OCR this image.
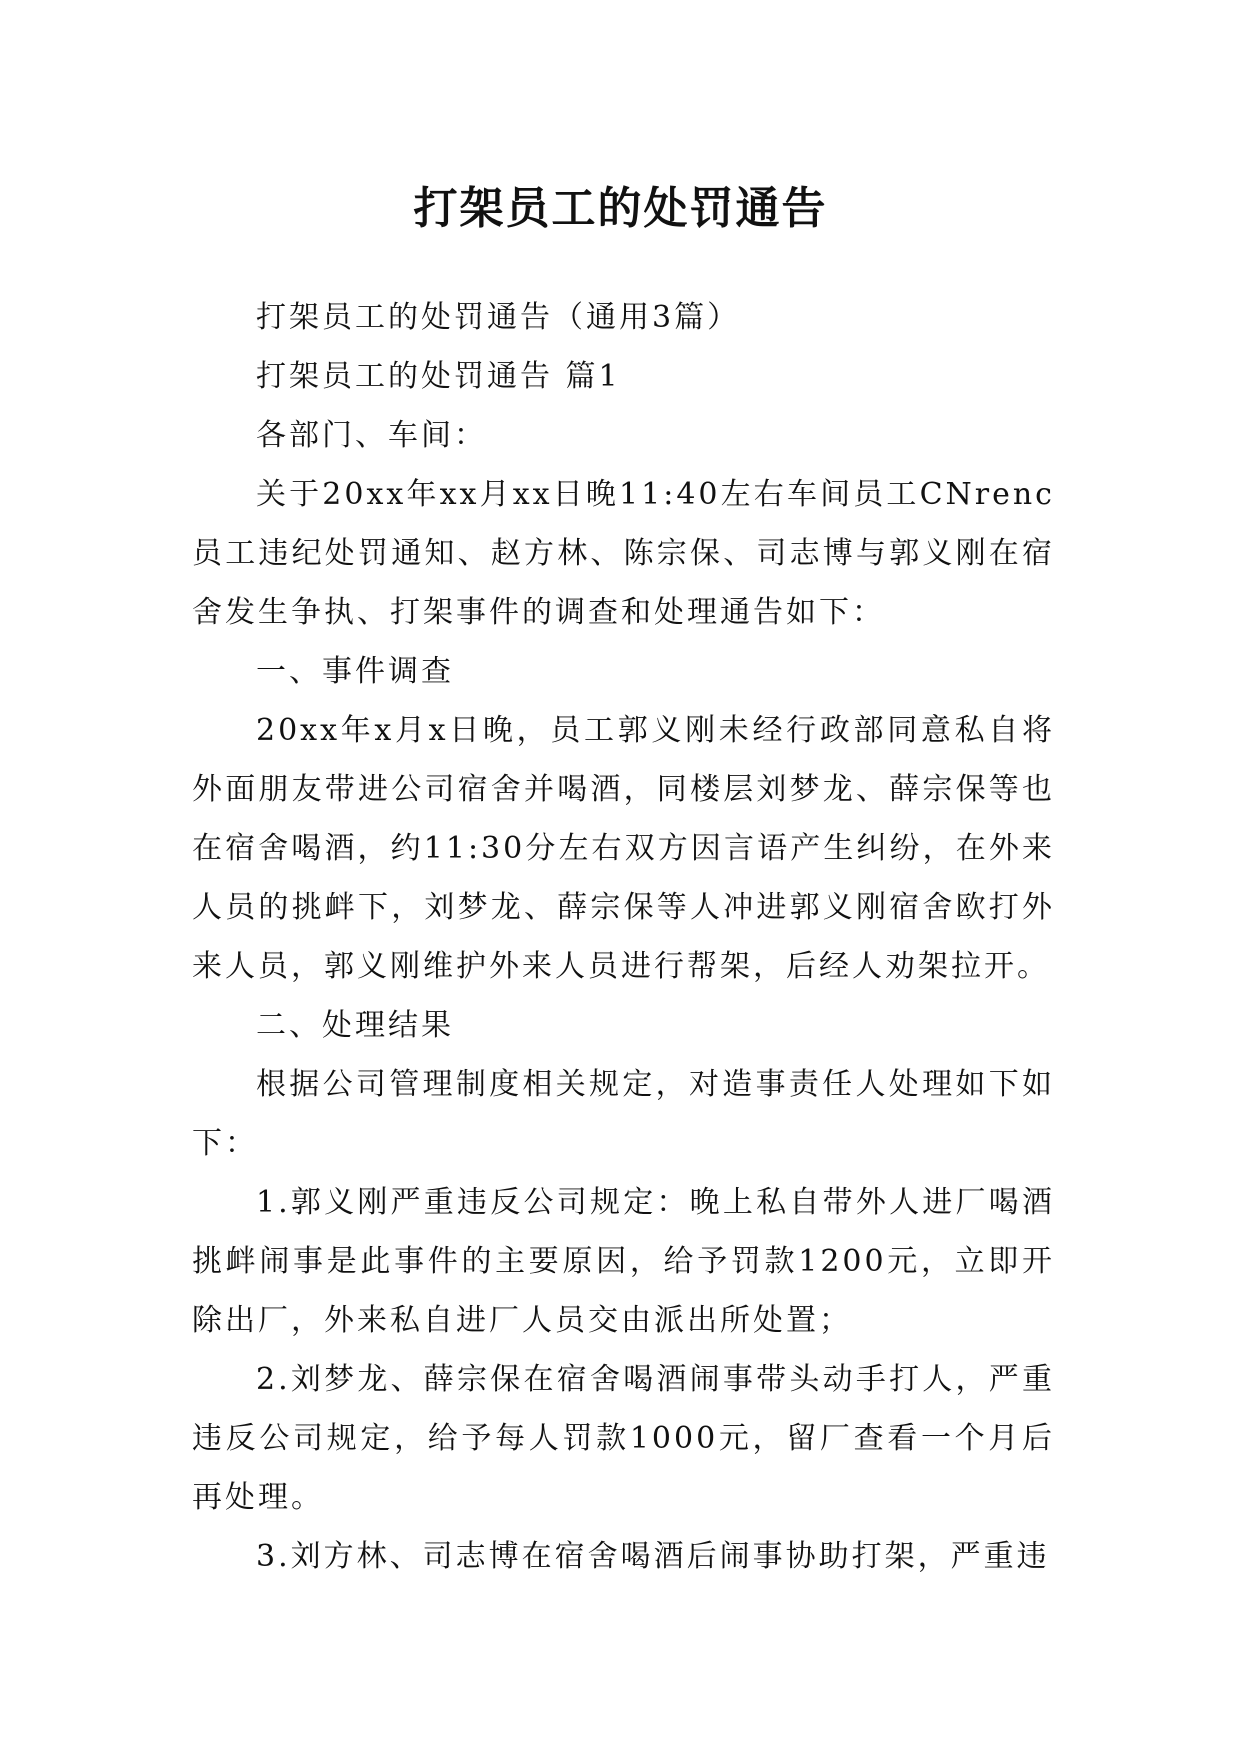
打架员工的处罚通告

打架员工的处罚通告（通用3篇）

打架员工的处罚通告 篇1

各部门、车间：

关于20xx年xx月xx日晚11:40左右车间员工CNrenc员工违纪处罚通知、赵方林、陈宗保、司志博与郭义刚在宿舍发生争执、打架事件的调查和处理通告如下：

一、事件调查

20xx年x月x日晚，员工郭义刚未经行政部同意私自将外面朋友带进公司宿舍并喝酒，同楼层刘梦龙、薛宗保等也在宿舍喝酒，约11:30分左右双方因言语产生纠纷，在外来人员的挑衅下，刘梦龙、薛宗保等人冲进郭义刚宿舍欧打外来人员，郭义刚维护外来人员进行帮架，后经人劝架拉开。

二、处理结果

根据公司管理制度相关规定，对造事责任人处理如下如下：

1.郭义刚严重违反公司规定：晚上私自带外人进厂喝酒挑衅闹事是此事件的主要原因，给予罚款1200元，立即开除出厂，外来私自进厂人员交由派出所处置；

2.刘梦龙、薛宗保在宿舍喝酒闹事带头动手打人，严重违反公司规定，给予每人罚款1000元，留厂查看一个月后再处理。

3.刘方林、司志博在宿舍喝酒后闹事协助打架，严重违
